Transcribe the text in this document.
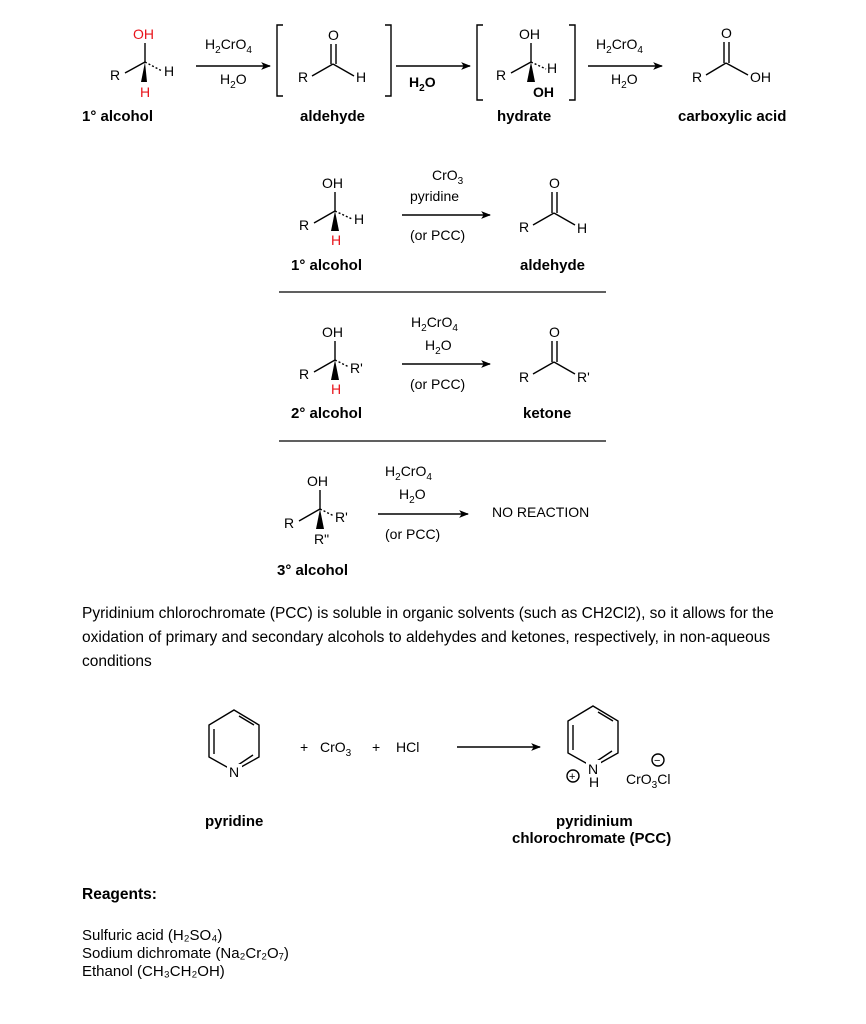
OH
R	H
H
1° alcohol
$H_2CrO_4$
$H_2O$
O
R	H
aldehyde
$H_2O$
OH
R	H
OH
hydrate
$H_2CrO_4$
$H_2O$
O
R	OH
carboxylic acid
OH
R	H
H
1° alcohol
CrO$_3$
pyridine
(or PCC)
O
R	H
aldehyde
OH
R	R'
H
2° alcohol
$H_2CrO_4$
$H_2O$
(or PCC)
O
R	R'
ketone
OH
R	R'
R"
3° alcohol
$H_2CrO_4$
$H_2O$
(or PCC)
NO REACTION
N
pyridine
+ CrO$_3$ + HCl
N
H
+
−
CrO$_3$Cl
pyridinium
chlorochromate (PCC)

Pyridinium chlorochromate (PCC) is soluble in organic solvents (such as CH2Cl2), so it allows for the oxidation of primary and secondary alcohols to aldehydes and ketones, respectively, in non-aqueous conditions

Reagents:

Sulfuric acid (H₂SO₄)
Sodium dichromate (Na₂Cr₂O₇)
Ethanol (CH₃CH₂OH)
